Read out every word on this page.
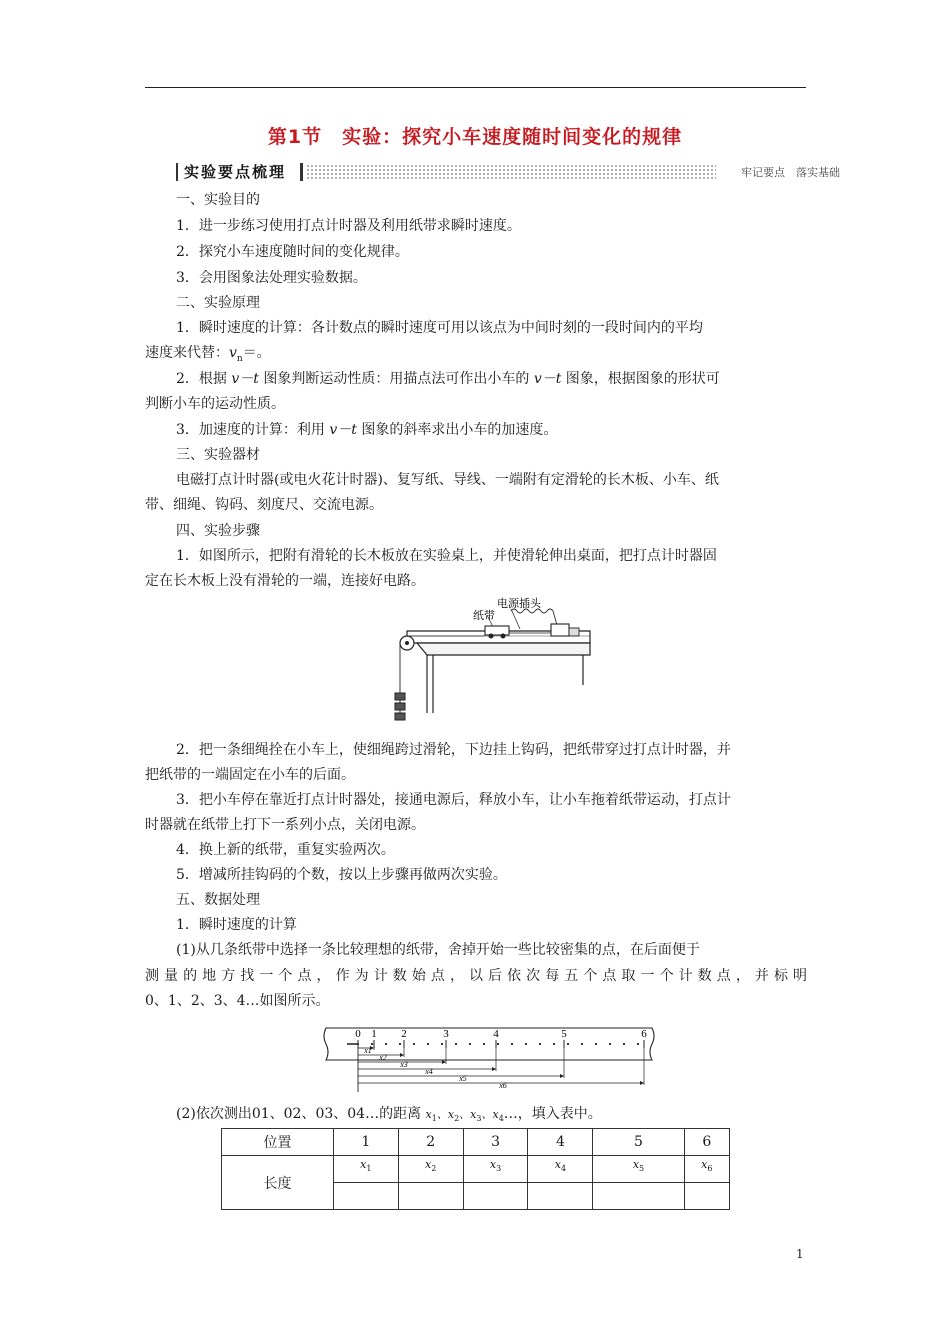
第1节　实验：探究小车速度随时间变化的规律
实验要点梳理	牢记要点　落实基础
一、实验目的
1．进一步练习使用打点计时器及利用纸带求瞬时速度。
2．探究小车速度随时间的变化规律。
3．会用图象法处理实验数据。
二、实验原理
1．瞬时速度的计算：各计数点的瞬时速度可用以该点为中间时刻的一段时间内的平均
速度来代替：$v_n=$。
2．根据 v－t 图象判断运动性质：用描点法可作出小车的 v－t 图象，根据图象的形状可
判断小车的运动性质。
3．加速度的计算：利用 v－t 图象的斜率求出小车的加速度。
三、实验器材
电磁打点计时器(或电火花计时器)、复写纸、导线、一端附有定滑轮的长木板、小车、纸
带、细绳、钩码、刻度尺、交流电源。
四、实验步骤
1．如图所示，把附有滑轮的长木板放在实验桌上，并使滑轮伸出桌面，把打点计时器固
定在长木板上没有滑轮的一端，连接好电路。
电源插头
纸带
2．把一条细绳拴在小车上，使细绳跨过滑轮，下边挂上钩码，把纸带穿过打点计时器，并
把纸带的一端固定在小车的后面。
3．把小车停在靠近打点计时器处，接通电源后，释放小车，让小车拖着纸带运动，打点计
时器就在纸带上打下一系列小点，关闭电源。
4．换上新的纸带，重复实验两次。
5．增减所挂钩码的个数，按以上步骤再做两次实验。
五、数据处理
1．瞬时速度的计算
(1)从几条纸带中选择一条比较理想的纸带，舍掉开始一些比较密集的点，在后面便于
测量的地方找一个点，作为计数始点，以后依次每五个点取一个计数点，并标明
0、1、2、3、4…如图所示。
0 1 2	3	4	5	6
x1
x2
x3
x4
x5
x6
(2)依次测出01、02、03、04…的距离 $x_1$、$x_2$、$x_3$、$x_4\dots$，填入表中。
位置	1	2	3	4	5	6
长度	$^{x_1}$	$^{x_2}$	$^{x_3}$	$^{x_4}$	$^{x_5}$	$^{x_6}$

1
